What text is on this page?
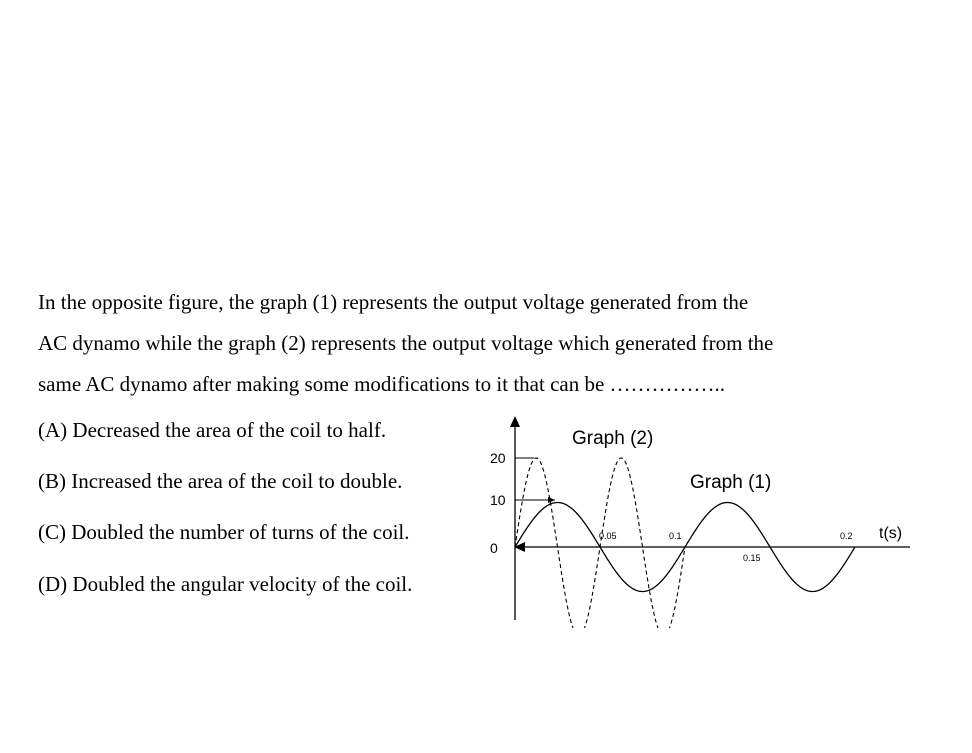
In the opposite figure, the graph (1) represents the output voltage generated from the

AC dynamo while the graph (2) represents the output voltage which generated from the

same AC dynamo after making some modifications to it that can be ……………..

(A) Decreased the area of the coil to half.
(B) Increased the area of the coil to double.
(C) Doubled the number of turns of the coil.
(D) Doubled the angular velocity of the coil.
20
10
0
0.05	0.1
0.15
0.2 t(s)
Graph (2)
Graph (1)
